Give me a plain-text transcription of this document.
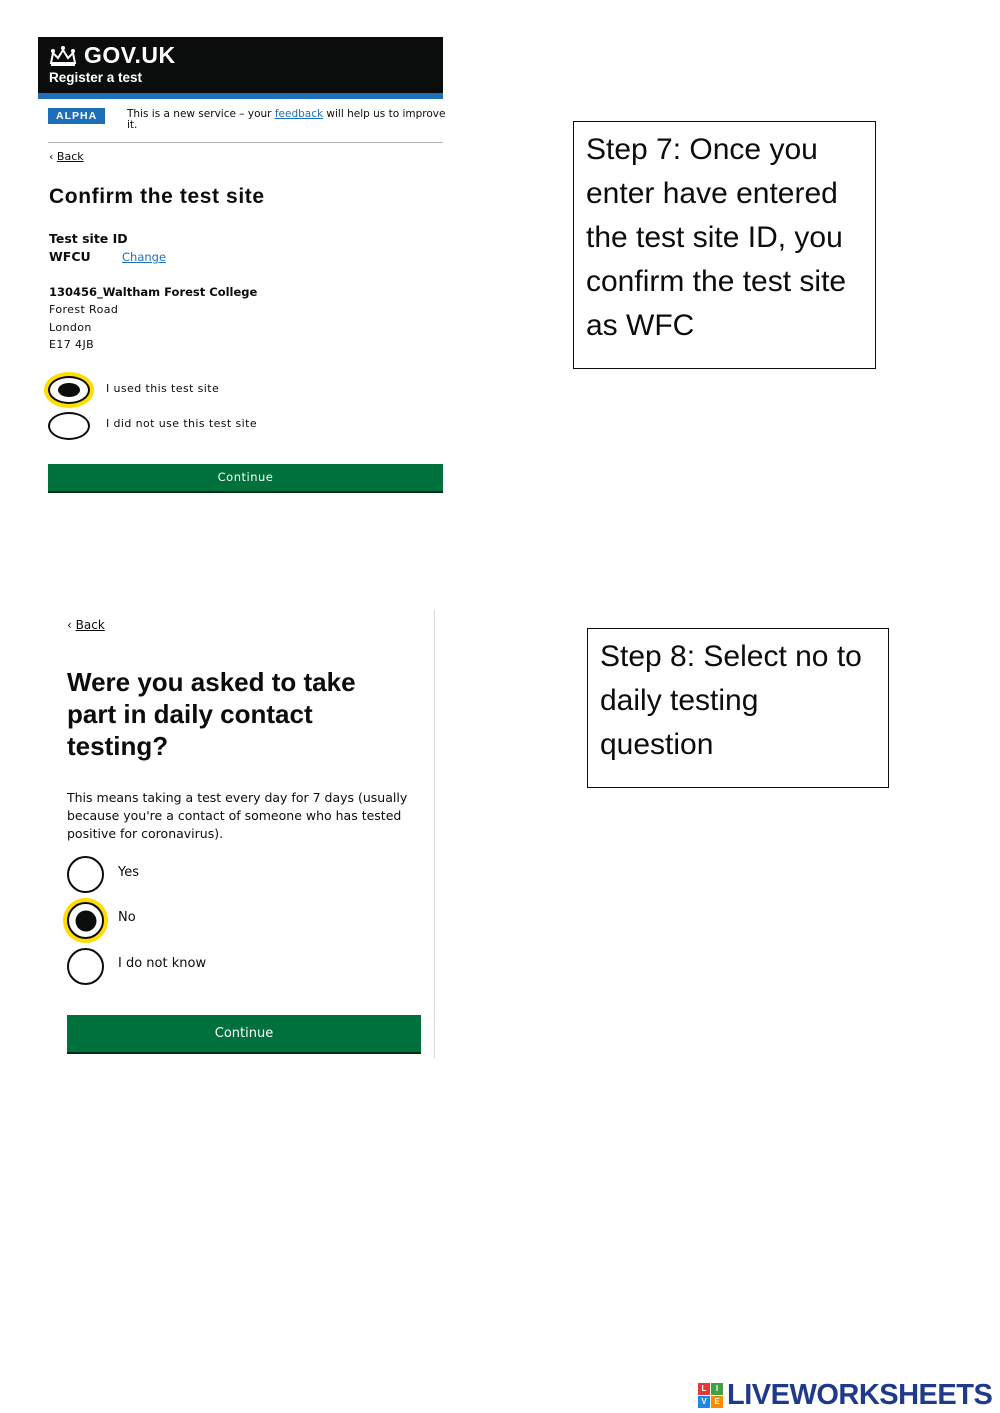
GOV.UK
Register a test
ALPHA	This is a new service – your feedback will help us to improve it.
‹ Back
Confirm the test site
Test site ID
WFCU	Change
130456_Waltham Forest College
Forest Road
London
E17 4JB
I used this test site
I did not use this test site
Continue
‹ Back
Were you asked to take part in daily contact testing?
This means taking a test every day for 7 days (usually because you're a contact of someone who has tested positive for coronavirus).
Yes
No
I do not know
Continue
Step 7: Once you enter have entered the test site ID, you confirm the test site as WFC
Step 8: Select no to daily testing question
L	I
V E LIVEWORKSHEETS
